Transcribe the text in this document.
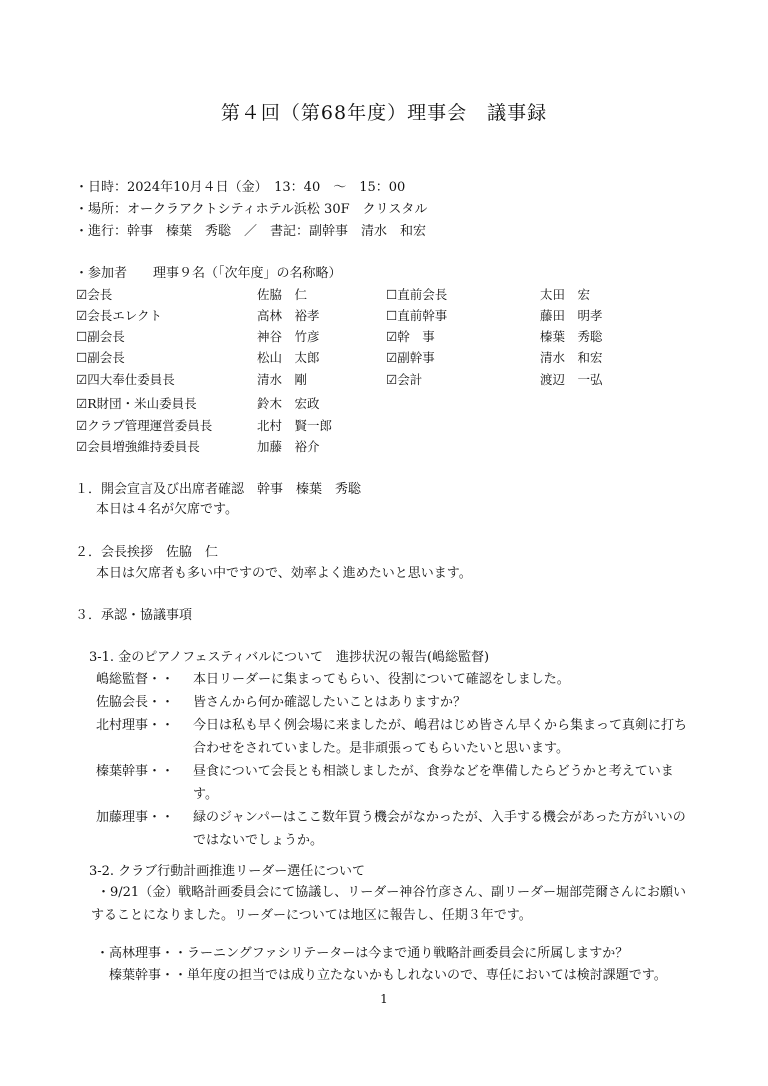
第４回（第68年度）理事会　議事録
・日時：2024年10月４日（金）　13：40　～　15：00
・場所：オークラアクトシティホテル浜松 30F　クリスタル
・進行：幹事　榛葉　秀聡　／　書記：副幹事　清水　和宏
・参加者　　理事９名（「次年度」の名称略）
☑会長	佐脇　仁	☐直前会長	太田　宏
☑会長エレクト	高林　裕孝	☐直前幹事	藤田　明孝
☐副会長	神谷　竹彦	☑幹　事	榛葉　秀聡
☐副会長	松山　太郎	☑副幹事	清水　和宏
☑四大奉仕委員長	清水　剛	☑会計	渡辺　一弘
☑R財団・米山委員長	鈴木　宏政
☑クラブ管理運営委員長	北村　賢一郎
☑会員増強維持委員長	加藤　裕介
１．開会宣言及び出席者確認　幹事　榛葉　秀聡
本日は４名が欠席です。
２．会長挨拶　佐脇　仁
本日は欠席者も多い中ですので、効率よく進めたいと思います。
３．承認・協議事項
3-1. 金のピアノフェスティバルについて　進捗状況の報告(嶋総監督)
嶋総監督・・ 本日リーダーに集まってもらい、役割について確認をしました。
佐脇会長・・ 皆さんから何か確認したいことはありますか？
北村理事・・ 今日は私も早く例会場に来ましたが、嶋君はじめ皆さん早くから集まって真剣に打ち合わせをされていました。是非頑張ってもらいたいと思います。
榛葉幹事・・ 昼食について会長とも相談しましたが、食券などを準備したらどうかと考えています。
加藤理事・・ 緑のジャンパーはここ数年買う機会がなかったが、入手する機会があった方がいいのではないでしょうか。
3-2. クラブ行動計画推進リーダー選任について
・9/21（金）戦略計画委員会にて協議し、リーダー神谷竹彦さん、副リーダー堀部莞爾さんにお願いすることになりました。リーダーについては地区に報告し、任期３年です。
・高林理事・・ラーニングファシリテーターは今まで通り戦略計画委員会に所属しますか？
榛葉幹事・・単年度の担当では成り立たないかもしれないので、専任においては検討課題です。
1
